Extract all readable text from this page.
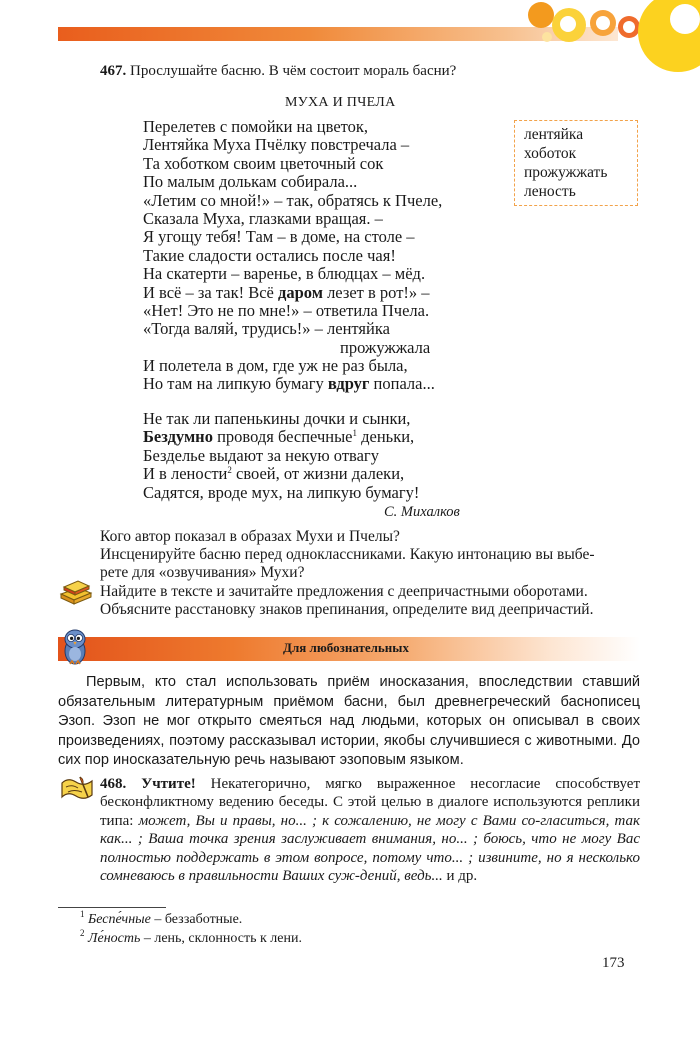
467. Прослушайте басню. В чём состоит мораль басни?
МУХА И ПЧЕЛА
Перелетев с помойки на цветок,
Лентяйка Муха Пчёлку повстречала –
Та хоботком своим цветочный сок
По малым долькам собирала...
«Летим со мной!» – так, обратясь к Пчеле,
Сказала Муха, глазками вращая. –
Я угощу тебя! Там – в доме, на столе –
Такие сладости остались после чая!
На скатерти – варенье, в блюдцах – мёд.
И всё – за так! Всё даром лезет в рот!» –
«Нет! Это не по мне!» – ответила Пчела.
«Тогда валяй, трудись!» – лентяйка
прожужжала
И полетела в дом, где уж не раз была,
Но там на липкую бумагу вдруг попала...
Не так ли папенькины дочки и сынки,
Бездумно проводя беспечные$^1$ деньки,
Безделье выдают за некую отвагу
И в лености$^2$ своей, от жизни далеки,
Садятся, вроде мух, на липкую бумагу!
С. Михалков
лентяйка
хоботок
прожужжать
леность
Кого автор показал в образах Мухи и Пчелы?
Инсценируйте басню перед одноклассниками. Какую интонацию вы выбе-
рете для «озвучивания» Мухи?
Найдите в тексте и зачитайте предложения с деепричастными оборотами.
Объясните расстановку знаков препинания, определите вид деепричастий.
Для любознательных
Первым, кто стал использовать приём иносказания, впоследствии ставший обязательным литературным приёмом басни, был древнегреческий баснописец Эзоп. Эзоп не мог открыто смеяться над людьми, которых он описывал в своих произведениях, поэтому рассказывал истории, якобы случившиеся с животными. До сих пор иносказательную речь называют эзоповым языком.
468. Учтите! Некатегорично, мягко выраженное несогласие способствует бесконфликтному ведению беседы. С этой целью в диалоге используются реплики типа: может, Вы и правы, но... ; к сожалению, не могу с Вами со-гласиться, так как... ; Ваша точка зрения заслуживает внимания, но... ; боюсь, что не могу Вас полностью поддержать в этом вопросе, потому что... ; извините, но я несколько сомневаюсь в правильности Ваших суж-дений, ведь... и др.
$^1$ Беспе́чные – беззаботные.
$^2$ Ле́ность – лень, склонность к лени.
173
